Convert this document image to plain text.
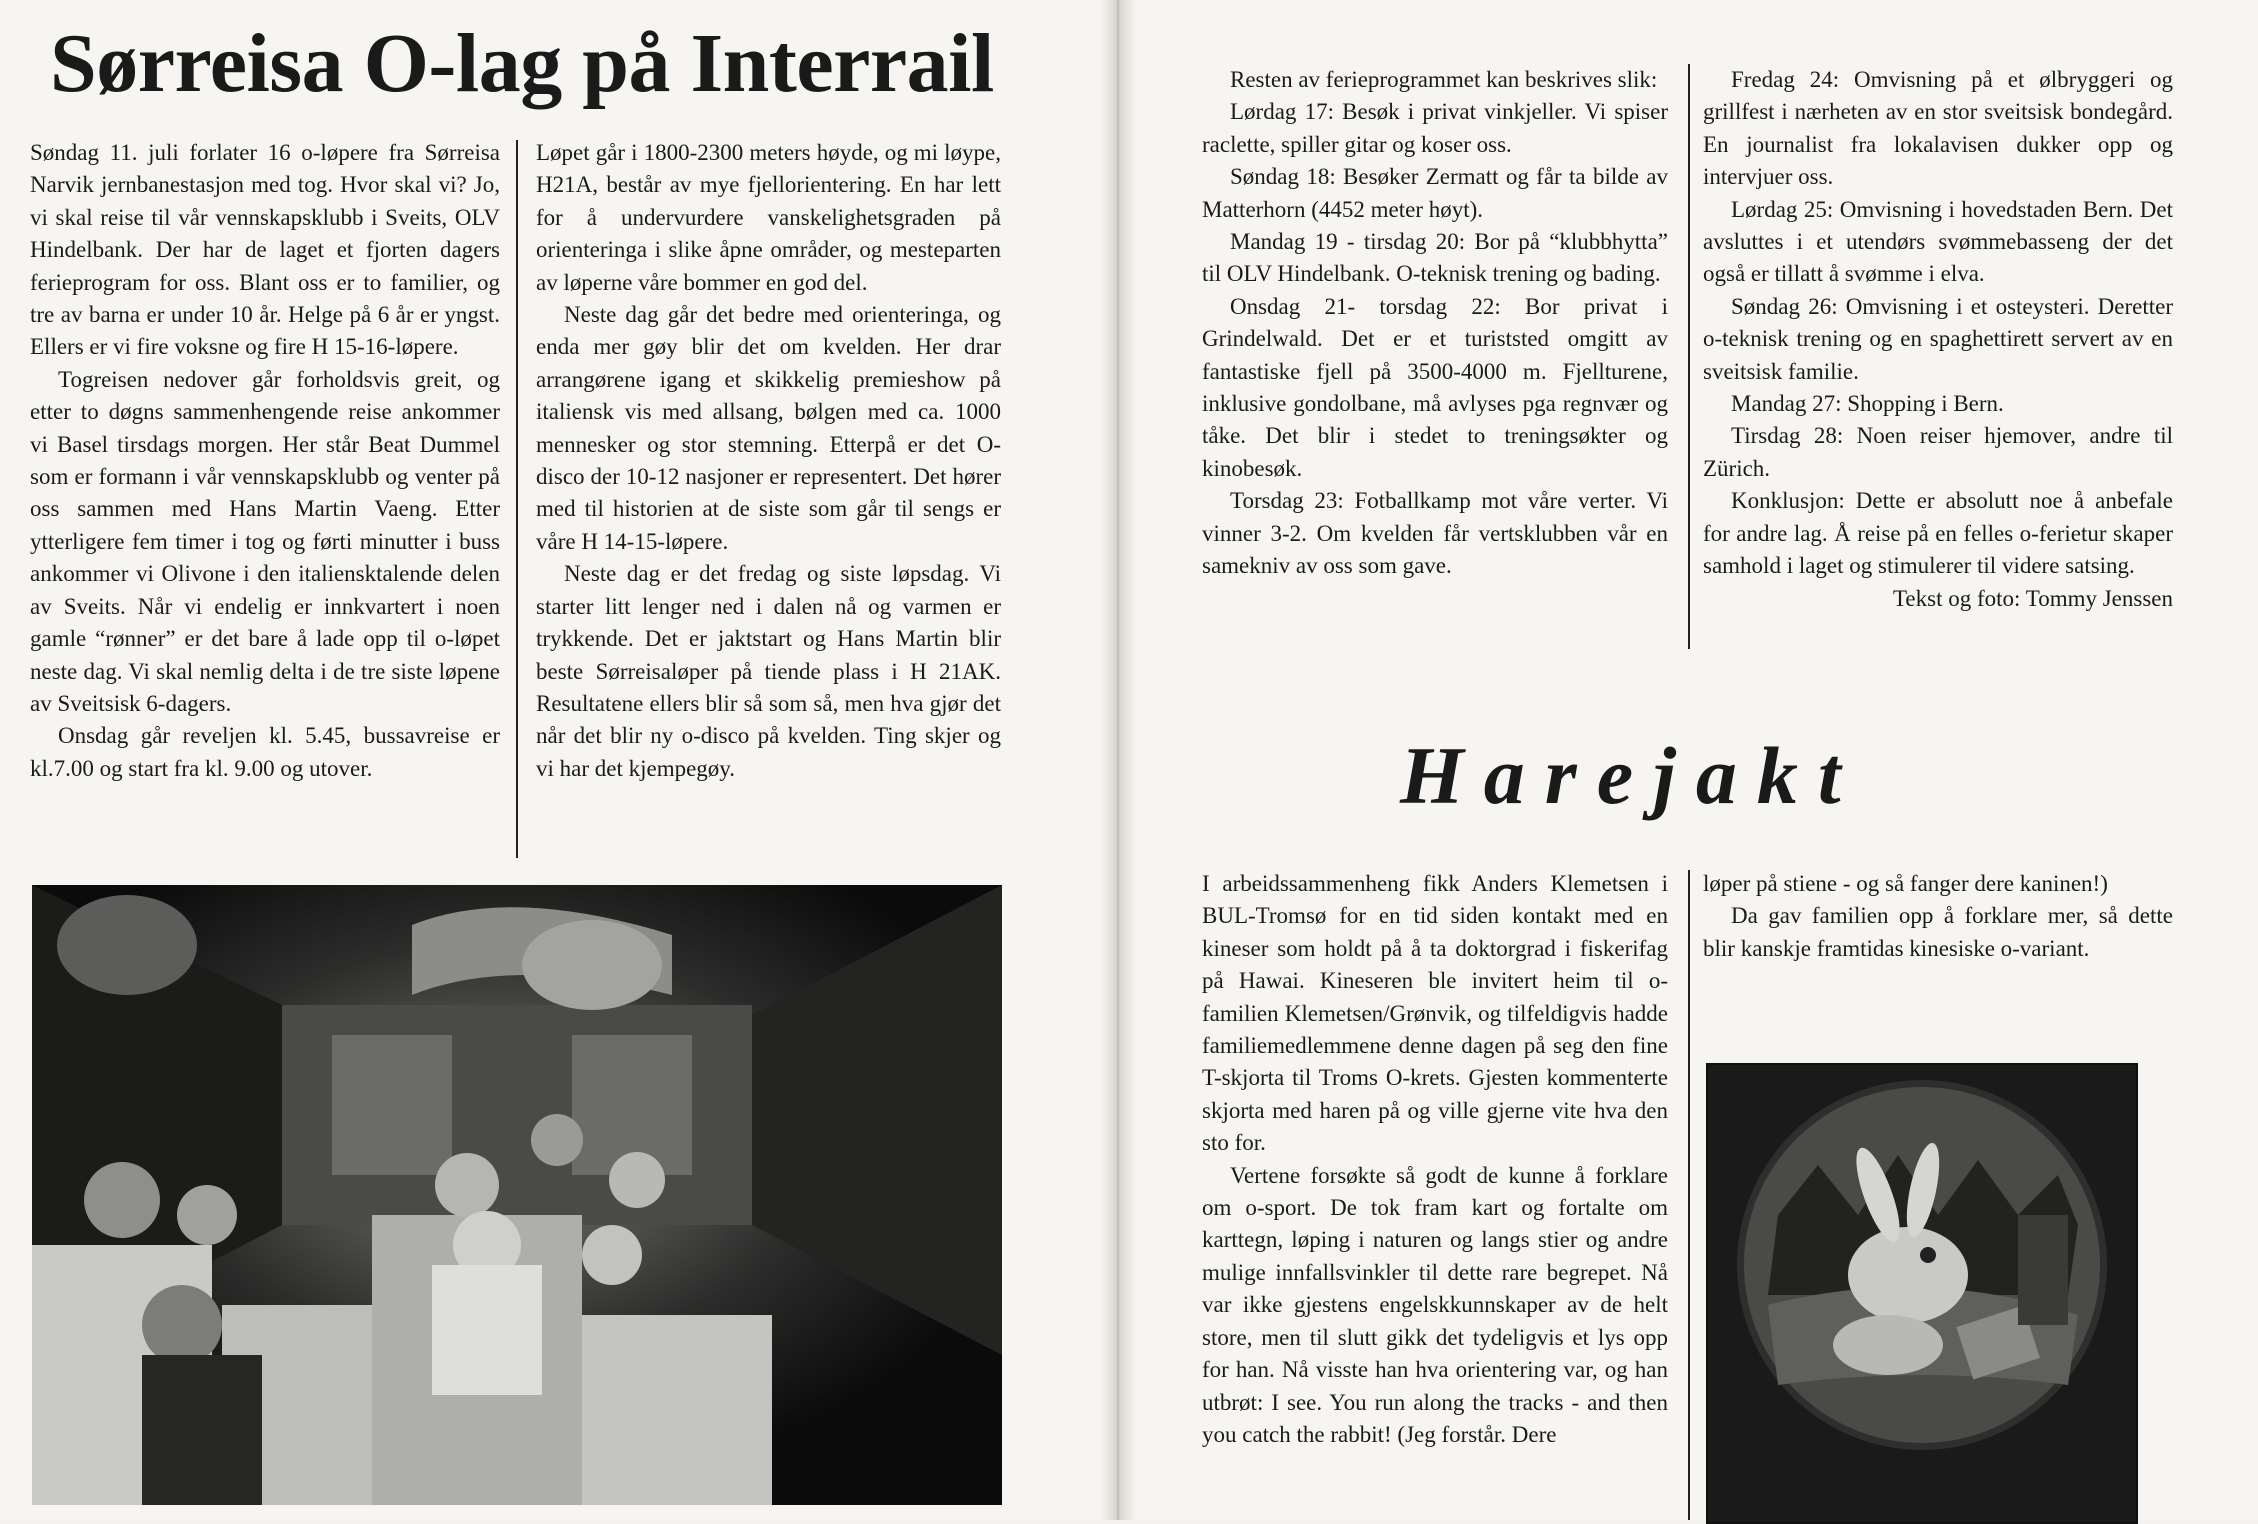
Sørreisa O-lag på Interrail

Søndag 11. juli forlater 16 o-løpere fra Sørreisa Narvik jernbanestasjon med tog. Hvor skal vi? Jo, vi skal reise til vår vennskapsklubb i Sveits, OLV Hindelbank. Der har de laget et fjorten dagers ferieprogram for oss. Blant oss er to familier, og tre av barna er under 10 år. Helge på 6 år er yngst. Ellers er vi fire voksne og fire H 15-16-løpere.

Togreisen nedover går forholdsvis greit, og etter to døgns sammenhengende reise ankommer vi Basel tirsdags morgen. Her står Beat Dummel som er formann i vår vennskapsklubb og venter på oss sammen med Hans Martin Vaeng. Etter ytterligere fem timer i tog og førti minutter i buss ankommer vi Olivone i den italiensktalende delen av Sveits. Når vi endelig er innkvartert i noen gamle “rønner” er det bare å lade opp til o-løpet neste dag. Vi skal nemlig delta i de tre siste løpene av Sveitsisk 6-dagers.

Onsdag går reveljen kl. 5.45, bussavreise er kl.7.00 og start fra kl. 9.00 og utover.

Løpet går i 1800-2300 meters høyde, og mi løype, H21A, består av mye fjellorientering. En har lett for å undervurdere vanskelighetsgraden på orienteringa i slike åpne områder, og mesteparten av løperne våre bommer en god del.

Neste dag går det bedre med orienteringa, og enda mer gøy blir det om kvelden. Her drar arrangørene igang et skikkelig premieshow på italiensk vis med allsang, bølgen med ca. 1000 mennesker og stor stemning. Etterpå er det O-disco der 10-12 nasjoner er representert. Det hører med til historien at de siste som går til sengs er våre H 14-15-løpere.

Neste dag er det fredag og siste løpsdag. Vi starter litt lenger ned i dalen nå og varmen er trykkende. Det er jaktstart og Hans Martin blir beste Sørreisaløper på tiende plass i H 21AK. Resultatene ellers blir så som så, men hva gjør det når det blir ny o-disco på kvelden. Ting skjer og vi har det kjempegøy.

Resten av ferieprogrammet kan beskrives slik:

Lørdag 17: Besøk i privat vinkjeller. Vi spiser raclette, spiller gitar og koser oss.

Søndag 18: Besøker Zermatt og får ta bilde av Matterhorn (4452 meter høyt).

Mandag 19 - tirsdag 20: Bor på “klubbhytta” til OLV Hindelbank. O-teknisk trening og bading.

Onsdag 21- torsdag 22: Bor privat i Grindelwald. Det er et turiststed omgitt av fantastiske fjell på 3500-4000 m. Fjellturene, inklusive gondolbane, må avlyses pga regnvær og tåke. Det blir i stedet to treningsøkter og kinobesøk.

Torsdag 23: Fotballkamp mot våre verter. Vi vinner 3-2. Om kvelden får vertsklubben vår en samekniv av oss som gave.

Fredag 24: Omvisning på et ølbryggeri og grillfest i nærheten av en stor sveitsisk bondegård. En journalist fra lokalavisen dukker opp og intervjuer oss.

Lørdag 25: Omvisning i hovedstaden Bern. Det avsluttes i et utendørs svømmebasseng der det også er tillatt å svømme i elva.

Søndag 26: Omvisning i et osteysteri. Deretter o-teknisk trening og en spaghettirett servert av en sveitsisk familie.

Mandag 27: Shopping i Bern.

Tirsdag 28: Noen reiser hjemover, andre til Zürich.

Konklusjon: Dette er absolutt noe å anbefale for andre lag. Å reise på en felles o-ferietur skaper samhold i laget og stimulerer til videre satsing.

Tekst og foto: Tommy Jenssen

Harejakt

I arbeidssammenheng fikk Anders Klemetsen i BUL-Tromsø for en tid siden kontakt med en kineser som holdt på å ta doktorgrad i fiskerifag på Hawai. Kineseren ble invitert heim til o-familien Klemetsen/Grønvik, og tilfeldigvis hadde familiemedlemmene denne dagen på seg den fine T-skjorta til Troms O-krets. Gjesten kommenterte skjorta med haren på og ville gjerne vite hva den sto for.

Vertene forsøkte så godt de kunne å forklare om o-sport. De tok fram kart og fortalte om karttegn, løping i naturen og langs stier og andre mulige innfallsvinkler til dette rare begrepet. Nå var ikke gjestens engelskkunnskaper av de helt store, men til slutt gikk det tydeligvis et lys opp for han. Nå visste han hva orientering var, og han utbrøt: I see. You run along the tracks - and then you catch the rabbit! (Jeg forstår. Dere

løper på stiene - og så fanger dere kaninen!)

Da gav familien opp å forklare mer, så dette blir kanskje framtidas kinesiske o-variant.
